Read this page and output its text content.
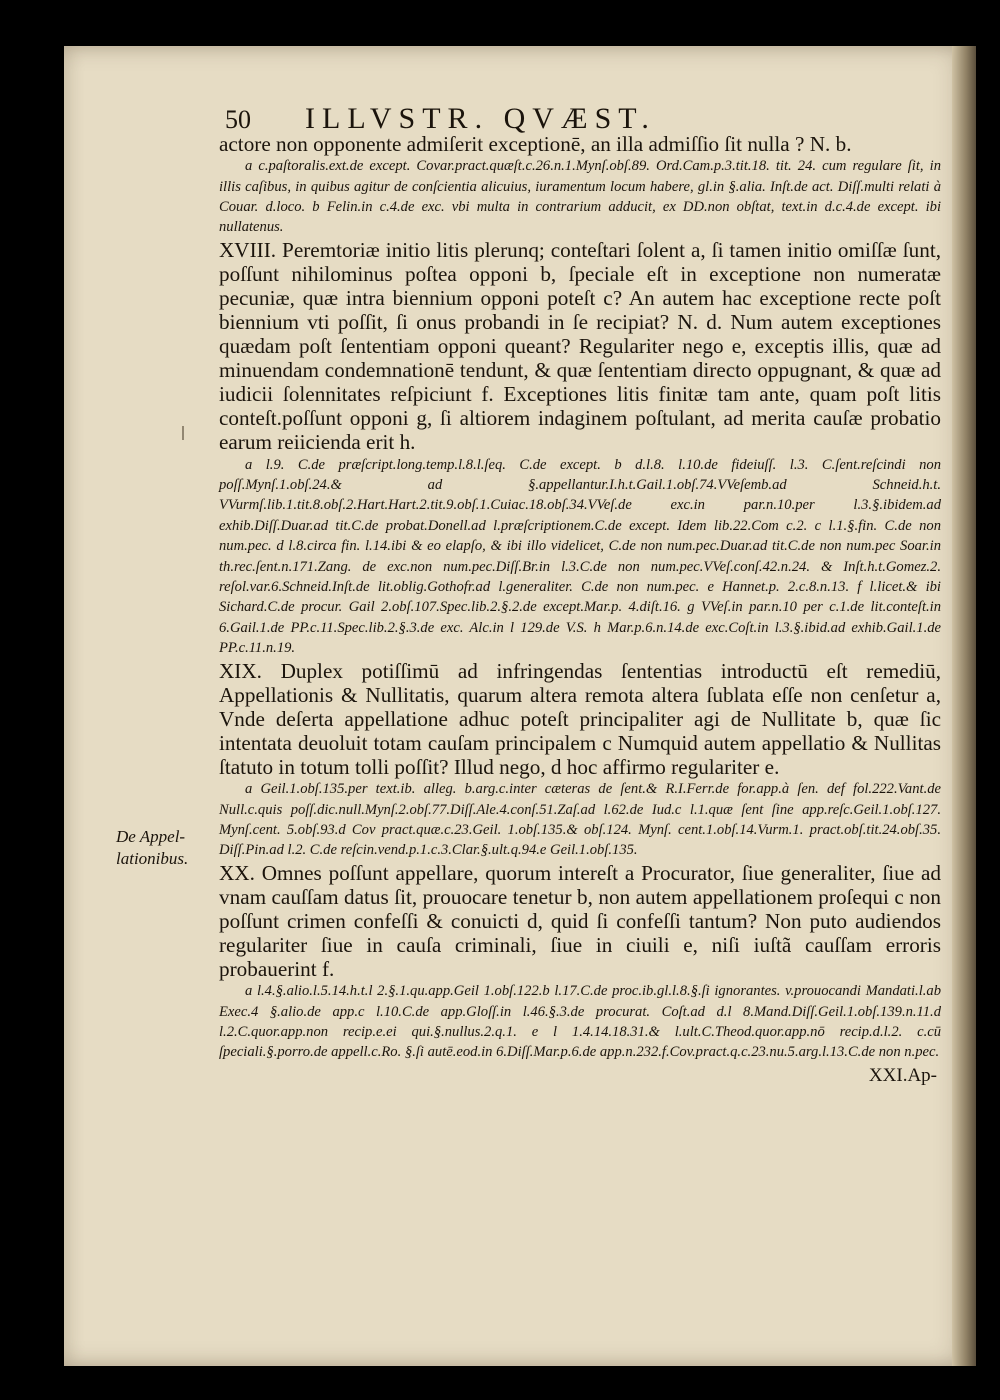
De Appel-
lationibus.
50	ILLVSTR. QVÆST.

actore non opponente admiſerit exceptionē, an illa admiſſio ſit nulla ? N. b.

a c.paſtoralis.ext.de except. Covar.pract.quæſt.c.26.n.1.Mynſ.obſ.89. Ord.Cam.p.3.tit.18. tit. 24. cum regulare ſit, in illis caſibus, in quibus agitur de conſcientia alicuius, iuramentum locum habere, gl.in §.alia. Inſt.de act. Diſſ.multi relati à Couar. d.loco. b Felin.in c.4.de exc. vbi multa in contrarium adducit, ex DD.non obſtat, text.in d.c.4.de except. ibi nullatenus.

XVIII. Peremtoriæ initio litis plerunq; conteſtari ſolent a, ſi tamen initio omiſſæ ſunt, poſſunt nihilominus poſtea opponi b, ſpeciale eſt in exceptione non numeratæ pecuniæ, quæ intra biennium opponi poteſt c? An autem hac exceptione recte poſt biennium vti poſſit, ſi onus probandi in ſe recipiat? N. d. Num autem exceptiones quædam poſt ſententiam opponi queant? Regulariter nego e, exceptis illis, quæ ad minuendam condemnationē tendunt, & quæ ſententiam directo oppugnant, & quæ ad iudicii ſolennitates reſpiciunt f. Exceptiones litis finitæ tam ante, quam poſt litis conteſt.poſſunt opponi g, ſi altiorem indaginem poſtulant, ad merita cauſæ probatio earum reiicienda erit h.

a l.9. C.de præſcript.long.temp.l.8.l.ſeq. C.de except. b d.l.8. l.10.de fideiuſſ. l.3. C.ſent.reſcindi non poſſ.Mynſ.1.obſ.24.& ad §.appellantur.I.h.t.Gail.1.obſ.74.VVeſemb.ad Schneid.h.t. VVurmſ.lib.1.tit.8.obſ.2.Hart.Hart.2.tit.9.obſ.1.Cuiac.18.obſ.34.VVeſ.de exc.in par.n.10.per l.3.§.ibidem.ad exhib.Diſſ.Duar.ad tit.C.de probat.Donell.ad l.præſcriptionem.C.de except. Idem lib.22.Com c.2. c l.1.§.fin. C.de non num.pec. d l.8.circa fin. l.14.ibi & eo elapſo, & ibi illo videlicet, C.de non num.pec.Duar.ad tit.C.de non num.pec Soar.in th.rec.ſent.n.171.Zang. de exc.non num.pec.Diſſ.Br.in l.3.C.de non num.pec.VVeſ.conſ.42.n.24. & Inſt.h.t.Gomez.2. reſol.var.6.Schneid.Inſt.de lit.oblig.Gothofr.ad l.generaliter. C.de non num.pec. e Hannet.p. 2.c.8.n.13. f l.licet.& ibi Sichard.C.de procur. Gail 2.obſ.107.Spec.lib.2.§.2.de except.Mar.p. 4.diſt.16. g VVeſ.in par.n.10 per c.1.de lit.conteſt.in 6.Gail.1.de PP.c.11.Spec.lib.2.§.3.de exc. Alc.in l 129.de V.S. h Mar.p.6.n.14.de exc.Coſt.in l.3.§.ibid.ad exhib.Gail.1.de PP.c.11.n.19.

XIX. Duplex potiſſimū ad infringendas ſententias introductū eſt remediū, Appellationis & Nullitatis, quarum altera remota altera ſublata eſſe non cenſetur a, Vnde deſerta appellatione adhuc poteſt principaliter agi de Nullitate b, quæ ſic intentata deuoluit totam cauſam principalem c Numquid autem appellatio & Nullitas ſtatuto in totum tolli poſſit? Illud nego, d hoc affirmo regulariter e.

a Geil.1.obſ.135.per text.ib. alleg. b.arg.c.inter cæteras de ſent.& R.I.Ferr.de for.app.à ſen. def fol.222.Vant.de Null.c.quis poſſ.dic.null.Mynſ.2.obſ.77.Diſſ.Ale.4.conſ.51.Zaſ.ad l.62.de Iud.c l.1.quæ ſent ſine app.reſc.Geil.1.obſ.127. Mynſ.cent. 5.obſ.93.d Cov pract.quæ.c.23.Geil. 1.obſ.135.& obſ.124. Mynſ. cent.1.obſ.14.Vurm.1. pract.obſ.tit.24.obſ.35. Diſſ.Pin.ad l.2. C.de reſcin.vend.p.1.c.3.Clar.§.ult.q.94.e Geil.1.obſ.135.

XX. Omnes poſſunt appellare, quorum intereſt a Procurator, ſiue generaliter, ſiue ad vnam cauſſam datus ſit, prouocare tenetur b, non autem appellationem proſequi c non poſſunt crimen confeſſi & conuicti d, quid ſi confeſſi tantum? Non puto audiendos regulariter ſiue in cauſa criminali, ſiue in ciuili e, niſi iuſtã cauſſam erroris probauerint f.

a l.4.§.alio.l.5.14.h.t.l 2.§.1.qu.app.Geil 1.obſ.122.b l.17.C.de proc.ib.gl.l.8.§.ſi ignorantes. v.prouocandi Mandati.l.ab Exec.4 §.alio.de app.c l.10.C.de app.Gloſſ.in l.46.§.3.de procurat. Coſt.ad d.l 8.Mand.Diſſ.Geil.1.obſ.139.n.11.d l.2.C.quor.app.non recip.e.ei qui.§.nullus.2.q.1. e l 1.4.14.18.31.& l.ult.C.Theod.quor.app.nō recip.d.l.2. c.cū ſpeciali.§.porro.de appell.c.Ro. §.ſi autē.eod.in 6.Diſſ.Mar.p.6.de app.n.232.f.Cov.pract.q.c.23.nu.5.arg.l.13.C.de non n.pec.

XXI.Ap-
